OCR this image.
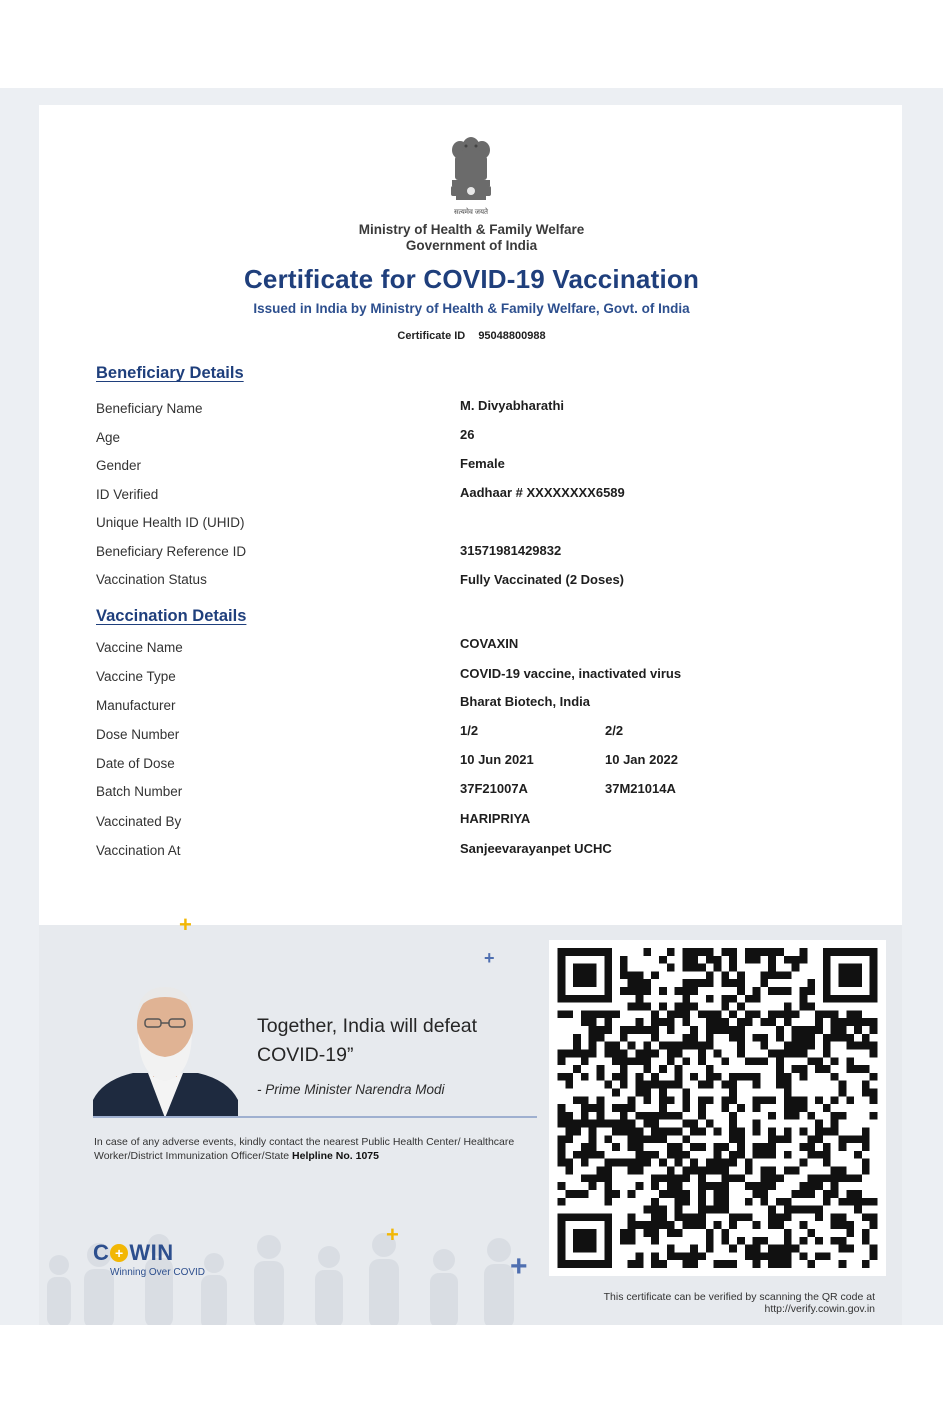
सत्यमेव जयते
Ministry of Health & Family Welfare
Government of India
Certificate for COVID-19 Vaccination
Issued in India by Ministry of Health & Family Welfare, Govt. of India
Certificate ID 95048800988
Beneficiary Details
Beneficiary Name	M. Divyabharathi
Age	26
Gender	Female
ID Verified	Aadhaar # XXXXXXXX6589
Unique Health ID (UHID)
Beneficiary Reference ID	31571981429832
Vaccination Status	Fully Vaccinated (2 Doses)
Vaccination Details
Vaccine Name	COVAXIN
Vaccine Type	COVID-19 vaccine, inactivated virus
Manufacturer	Bharat Biotech, India
Dose Number	1/2	2/2
Date of Dose	10 Jun 2021	10 Jan 2022
Batch Number	37F21007A	37M21014A
Vaccinated By	HARIPRIYA
Vaccination At	Sanjeevarayanpet UCHC
+
+
+
+
Together, India will defeat COVID-19”
- Prime Minister Narendra Modi
In case of any adverse events, kindly contact the nearest Public Health Center/ Healthcare Worker/District Immunization Officer/State Helpline No. 1075
C + WIN
Winning Over COVID
This certificate can be verified by scanning the QR code at
http://verify.cowin.gov.in
